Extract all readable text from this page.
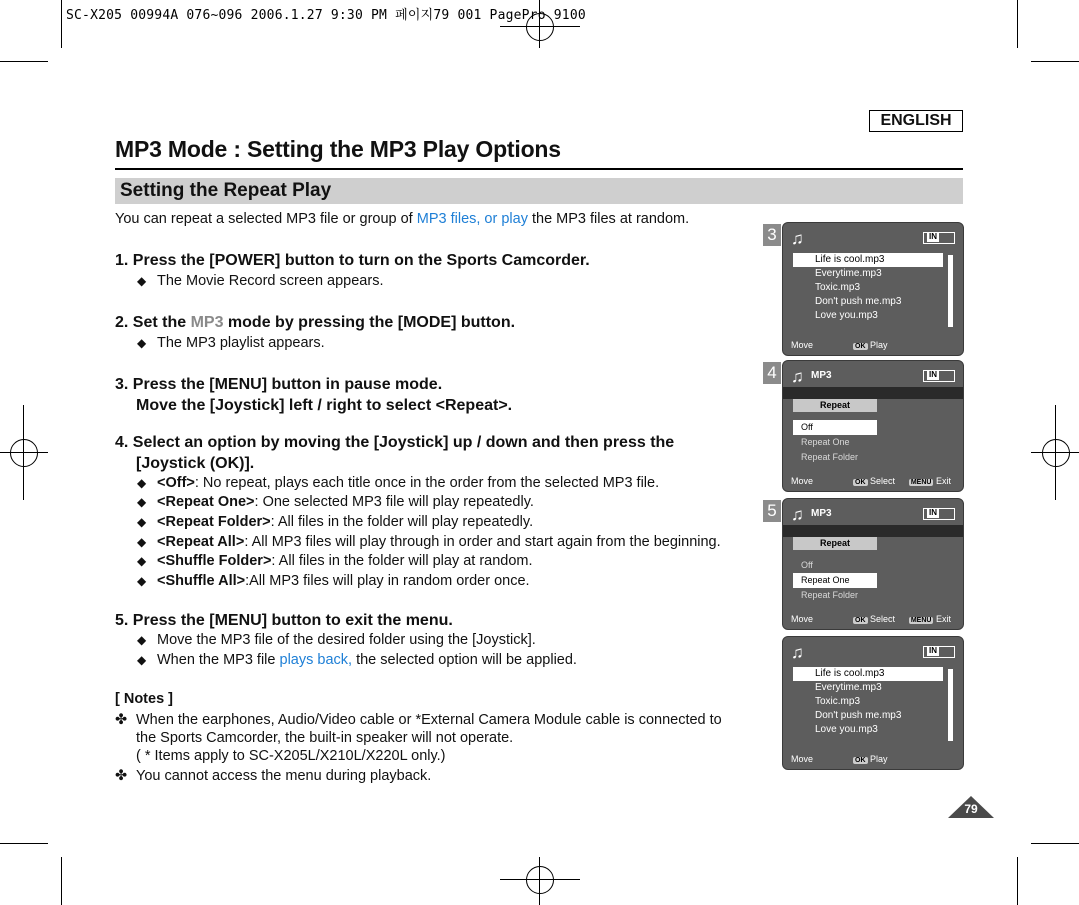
SC-X205 00994A 076~096 2006.1.27 9:30 PM 페이지79 001 PagePro 9100
ENGLISH
MP3 Mode : Setting the MP3 Play Options
Setting the Repeat Play
You can repeat a selected MP3 file or group of MP3 files, or play the MP3 files at random.
1. Press the [POWER] button to turn on the Sports Camcorder.
◆ The Movie Record screen appears.
2. Set the MP3 mode by pressing the [MODE] button.
◆ The MP3 playlist appears.
3. Press the [MENU] button in pause mode.
Move the [Joystick] left / right to select <Repeat>.
4. Select an option by moving the [Joystick] up / down and then press the
[Joystick (OK)].
◆ <Off>: No repeat, plays each title once in the order from the selected MP3 file.
◆ <Repeat One>: One selected MP3 file will play repeatedly.
◆ <Repeat Folder>: All files in the folder will play repeatedly.
◆ <Repeat All>: All MP3 files will play through in order and start again from the beginning.
◆ <Shuffle Folder>: All files in the folder will play at random.
◆ <Shuffle All>:All MP3 files will play in random order once.
5. Press the [MENU] button to exit the menu.
◆ Move the MP3 file of the desired folder using the [Joystick].
◆ When the MP3 file plays back, the selected option will be applied.
[ Notes ]
✤ When the earphones, Audio/Video cable or *External Camera Module cable is connected to
the Sports Camcorder, the built-in speaker will not operate.
( * Items apply to SC-X205L/X210L/X220L only.)
✤ You cannot access the menu during playback.
3 ♫	IN
Life is cool.mp3
Everytime.mp3
Toxic.mp3
Don't push me.mp3
Love you.mp3
Move	OK Play
4 ♫ MP3	IN
Repeat
Off
Repeat One
Repeat Folder
Move	OK Select MENU Exit
5 ♫ MP3	IN
Repeat
Off
Repeat One
Repeat Folder
Move	OK Select MENU Exit
♫	IN
Life is cool.mp3
Everytime.mp3
Toxic.mp3
Don't push me.mp3
Love you.mp3
Move	OK Play
79
